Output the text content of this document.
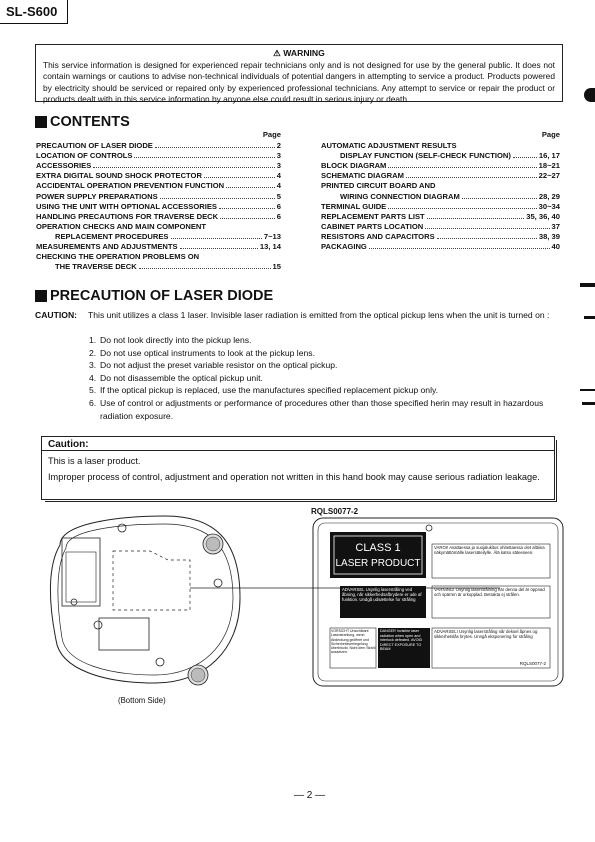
SL-S600
⚠ WARNING
This service information is designed for experienced repair technicians only and is not designed for use by the general public. It does not contain warnings or cautions to advise non-technical individuals of potential dangers in attempting to service a product. Products powered by electricity should be serviced or repaired only by experienced professional technicians. Any attempt to service or repair the product or products dealt with in this service information by anyone else could result in serious injury or death.
CONTENTS
Page
PRECAUTION OF LASER DIODE	2
LOCATION OF CONTROLS	3
ACCESSORIES	3
EXTRA DIGITAL SOUND SHOCK PROTECTOR	4
ACCIDENTAL OPERATION PREVENTION FUNCTION	4
POWER SUPPLY PREPARATIONS	5
USING THE UNIT WITH OPTIONAL ACCESSORIES	6
HANDLING PRECAUTIONS FOR TRAVERSE DECK	6
OPERATION CHECKS AND MAIN COMPONENT
REPLACEMENT PROCEDURES	7~13
MEASUREMENTS AND ADJUSTMENTS	13, 14
CHECKING THE OPERATION PROBLEMS ON
THE TRAVERSE DECK	15
Page
AUTOMATIC ADJUSTMENT RESULTS
DISPLAY FUNCTION (SELF-CHECK FUNCTION)	16, 17
BLOCK DIAGRAM	18~21
SCHEMATIC DIAGRAM	22~27
PRINTED CIRCUIT BOARD AND
WIRING CONNECTION DIAGRAM	28, 29
TERMINAL GUIDE	30~34
REPLACEMENT PARTS LIST	35, 36, 40
CABINET PARTS LOCATION	37
RESISTORS AND CAPACITORS	38, 39
PACKAGING	40
PRECAUTION OF LASER DIODE
CAUTION:	This unit utilizes a class 1 laser. Invisible laser radiation is emitted from the optical pickup lens when the unit is turned on :
1. Do not look directly into the pickup lens.
2. Do not use optical instruments to look at the pickup lens.
3. Do not adjust the preset variable resistor on the optical pickup.
4. Do not disassemble the optical pickup unit.
5. If the optical pickup is replaced, use the manufactures specified replacement pickup only.
6. Use of control or adjustments or performance of procedures other than those specified herin may result in hazardous radiation exposure.
Caution:
This is a laser product.
Improper process of control, adjustment and operation not written in this hand book may cause serious radiation leakage.
RQLS0077-2
CLASS 1
LASER PRODUCT
VAROI! Avattaessa ja suojalukitus ohitettaessa olet alttiina näkymättömälle lasersäteilylle. Älä katso säteeseen.
ADVARSEL Usynlig laserstråling ved åbning, når sikkerhedsafbrydere er ude af funktion. Undgå udsættelse for stråling
VARNING! Osynlig laserstrålning när denna del är öppnad och spärren är urkopplad. Betrakta ej strålen.
VORSICHT Unsichtbare Laserstrahlung, wenn Abdeckung geöffnet und Sicherheitsverriegelung überbrückt. Nicht dem Strahl aussetzen.
DANGER Invisible laser radiation when open and interlock defeated. AVOID DIRECT EXPOSURE TO BEAM
ADVARSEL! Usynlig laserstråling når deksel åpnes og sikkerhetslås brytes. Unngå eksponering for stråling
RQLS0077-2
(Bottom Side)
— 2 —
